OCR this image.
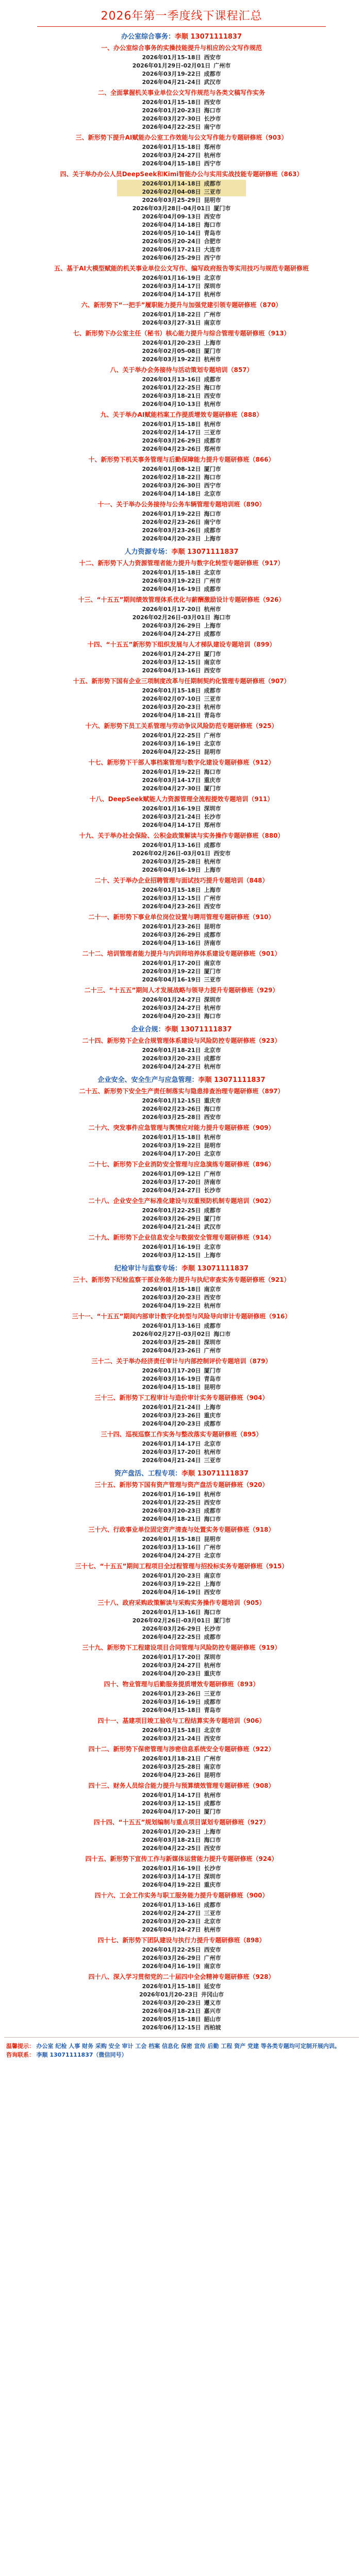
2026年第一季度线下课程汇总
办公室综合事务：李顺 13071111837
一、办公室综合事务的实操技能提升与相应的公文写作规范
2026年01月15-18日 西安市
2026年01月29日-02月01日 广州市
2026年03月19-22日 成都市
2026年04月21-24日 武汉市
二、全面掌握机关事业单位公文写作规范与各类文稿写作实务
2026年01月15-18日 西安市
2026年01月20-23日 海口市
2026年03月27-30日 长沙市
2026年04月22-25日 南宁市
三、新形势下提升AI赋能办公室工作效能与公文写作能力专题研修班（903）
2026年01月15-18日 郑州市
2026年03月24-27日 杭州市
2026年04月15-18日 西宁市
四、关于举办办公人员DeepSeek和Kimi智能办公与实用实战技能专题研修班（863）
2026年01月14-18日 成都市
2026年02月04-08日 三亚市
2026年03月25-29日 昆明市
2026年03月28日-04月01日 厦门市
2026年04月09-13日 西安市
2026年04月14-18日 海口市
2026年05月10-14日 青岛市
2026年05月20-24日 合肥市
2026年06月17-21日 大连市
2026年06月25-29日 西宁市
五、基于AI大模型赋能的机关事业单位公文写作、编写政府报告等实用技巧与规范专题研修班
2026年01月16-19日 北京市
2026年03月14-17日 深圳市
2026年04月14-17日 杭州市
六、新形势下“一把手”履职能力提升与加强党建引领专题研修班（870）
2026年01月18-22日 广州市
2026年03月27-31日 南京市
七、新形势下办公室主任（秘书）核心能力提升与综合管理专题研修班（913）
2026年01月20-23日 上海市
2026年02月05-08日 厦门市
2026年03月19-22日 杭州市
八、关于举办会务接待与活动策划专题培训（857）
2026年01月13-16日 成都市
2026年01月22-25日 海口市
2026年03月18-21日 西安市
2026年04月10-13日 杭州市
九、关于举办AI赋能档案工作提质增效专题研修班（888）
2026年01月15-18日 杭州市
2026年02月14-17日 三亚市
2026年03月26-29日 成都市
2026年04月23-26日 郑州市
十、新形势下机关事务管理与后勤保障能力提升专题研修班（866）
2026年01月08-12日 厦门市
2026年02月18-22日 海口市
2026年03月26-30日 西宁市
2026年04月14-18日 北京市
十一、关于举办公务接待与公务车辆管理专题培训班（890）
2026年01月19-22日 海口市
2026年02月23-26日 南宁市
2026年03月23-26日 成都市
2026年04月20-23日 上海市
人力资源专场：李顺 13071111837
十二、新形势下人力资源管理者能力提升与数字化转型专题研修班（917）
2026年01月15-18日 北京市
2026年03月19-22日 广州市
2026年04月16-19日 成都市
十三、“十五五”期间绩效管理体系优化与薪酬激励设计专题研修班（926）
2026年01月17-20日 杭州市
2026年02月26日-03月01日 海口市
2026年03月26-29日 上海市
2026年04月24-27日 成都市
十四、“十五五”新形势下组织发展与人才梯队建设专题培训（899）
2026年01月24-27日 厦门市
2026年03月12-15日 南京市
2026年04月13-16日 西安市
十五、新形势下国有企业三项制度改革与任期制契约化管理专题研修班（907）
2026年01月15-18日 成都市
2026年02月07-10日 三亚市
2026年03月20-23日 杭州市
2026年04月18-21日 青岛市
十六、新形势下员工关系管理与劳动争议风险防范专题研修班（925）
2026年01月22-25日 广州市
2026年03月16-19日 北京市
2026年04月22-25日 昆明市
十七、新形势下干部人事档案管理与数字化建设专题研修班（912）
2026年01月19-22日 海口市
2026年03月14-17日 重庆市
2026年04月27-30日 厦门市
十八、DeepSeek赋能人力资源管理全流程提效专题培训（911）
2026年01月16-19日 深圳市
2026年03月21-24日 长沙市
2026年04月14-17日 郑州市
十九、关于举办社会保险、公积金政策解读与实务操作专题研修班（880）
2026年01月13-16日 成都市
2026年02月26日-03月01日 西安市
2026年03月25-28日 杭州市
2026年04月16-19日 上海市
二十、关于举办企业招聘管理与面试技巧提升专题培训（848）
2026年01月15-18日 上海市
2026年03月12-15日 广州市
2026年04月23-26日 西安市
二十一、新形势下事业单位岗位设置与聘用管理专题研修班（910）
2026年01月23-26日 昆明市
2026年03月26-29日 成都市
2026年04月13-16日 济南市
二十二、培训管理者能力提升与内训师培养体系建设专题研修班（901）
2026年01月17-20日 南京市
2026年03月19-22日 厦门市
2026年04月16-19日 三亚市
二十三、“十五五”期间人才发展战略与领导力提升专题研修班（929）
2026年01月24-27日 深圳市
2026年03月24-27日 杭州市
2026年04月20-23日 海口市
企业合规：李顺 13071111837
二十四、新形势下企业合规管理体系建设与风险防控专题研修班（923）
2026年01月18-21日 北京市
2026年03月20-23日 成都市
2026年04月24-27日 杭州市
企业安全、安全生产与应急管理：李顺 13071111837
二十五、新形势下安全生产责任制落实与隐患排查治理专题研修班（897）
2026年01月12-15日 重庆市
2026年02月23-26日 海口市
2026年03月25-28日 西安市
二十六、突发事件应急管理与舆情应对能力提升专题研修班（909）
2026年01月15-18日 杭州市
2026年03月19-22日 昆明市
2026年04月17-20日 北京市
二十七、新形势下企业消防安全管理与应急演练专题研修班（896）
2026年01月09-12日 广州市
2026年03月17-20日 济南市
2026年04月24-27日 长沙市
二十八、企业安全生产标准化建设与双重预防机制专题培训（902）
2026年01月22-25日 成都市
2026年03月26-29日 厦门市
2026年04月21-24日 武汉市
二十九、新形势下企业信息安全与数据安全管理专题研修班（914）
2026年01月16-19日 北京市
2026年03月12-15日 上海市
纪检审计与监察专场：李顺 13071111837
三十、新形势下纪检监察干部业务能力提升与执纪审查实务专题研修班（921）
2026年01月15-18日 南京市
2026年03月20-23日 西安市
2026年04月19-22日 杭州市
三十一、“十五五”期间内部审计数字化转型与风险导向审计专题研修班（916）
2026年01月13-16日 成都市
2026年02月27日-03月02日 海口市
2026年03月25-28日 深圳市
2026年04月23-26日 广州市
三十二、关于举办经济责任审计与内部控制评价专题培训（879）
2026年01月17-20日 厦门市
2026年03月16-19日 青岛市
2026年04月15-18日 昆明市
三十三、新形势下工程审计与造价审计实务专题研修班（904）
2026年01月21-24日 上海市
2026年03月23-26日 重庆市
2026年04月20-23日 成都市
三十四、巡视巡察工作实务与整改落实专题研修班（895）
2026年01月14-17日 北京市
2026年03月17-20日 杭州市
2026年04月21-24日 三亚市
资产盘活、工程专项：李顺 13071111837
三十五、新形势下国有资产管理与资产盘活专题研修班（920）
2026年01月16-19日 杭州市
2026年01月22-25日 西安市
2026年03月20-23日 成都市
2026年04月18-21日 海口市
三十六、行政事业单位固定资产清查与处置实务专题研修班（918）
2026年01月15-18日 昆明市
2026年03月13-16日 广州市
2026年04月24-27日 北京市
三十七、“十五五”期间工程项目全过程管理与招投标实务专题研修班（915）
2026年01月20-23日 南京市
2026年03月19-22日 上海市
2026年04月16-19日 西安市
三十八、政府采购政策解读与采购实务操作专题培训（905）
2026年01月13-16日 海口市
2026年02月26日-03月01日 厦门市
2026年03月26-29日 长沙市
2026年04月22-25日 成都市
三十九、新形势下工程建设项目合同管理与风险防控专题研修班（919）
2026年01月17-20日 深圳市
2026年03月24-27日 杭州市
2026年04月20-23日 重庆市
四十、物业管理与后勤服务提质增效专题研修班（893）
2026年01月23-26日 三亚市
2026年03月16-19日 成都市
2026年04月15-18日 青岛市
四十一、基建项目竣工验收与工程结算实务专题培训（906）
2026年01月15-18日 北京市
2026年03月21-24日 西安市
四十二、新形势下保密管理与涉密信息系统安全专题研修班（922）
2026年01月18-21日 广州市
2026年03月25-28日 南京市
2026年04月23-26日 昆明市
四十三、财务人员综合能力提升与预算绩效管理专题研修班（908）
2026年01月14-17日 杭州市
2026年03月12-15日 成都市
2026年04月17-20日 厦门市
四十四、“十五五”规划编制与重点项目谋划专题研修班（927）
2026年01月20-23日 上海市
2026年03月18-21日 海口市
2026年04月22-25日 西安市
四十五、新形势下宣传工作与新媒体运营能力提升专题研修班（924）
2026年01月16-19日 长沙市
2026年03月14-17日 深圳市
2026年04月19-22日 重庆市
四十六、工会工作实务与职工服务能力提升专题研修班（900）
2026年01月13-16日 成都市
2026年02月24-27日 三亚市
2026年03月20-23日 北京市
2026年04月24-27日 杭州市
四十七、新形势下团队建设与执行力提升专题研修班（898）
2026年01月22-25日 西安市
2026年03月26-29日 广州市
2026年04月16-19日 南京市
四十八、深入学习贯彻党的二十届四中全会精神专题研修班（928）
2026年01月15-18日 延安市
2026年01月20-23日 井冈山市
2026年03月20-23日 遵义市
2026年04月18-21日 嘉兴市
2026年05月15-18日 韶山市
2026年06月12-15日 西柏坡
温馨提示： 办公室 纪检 人事 财务 采购 安全 审计 工会 档案 信息化 保密 宣传 后勤 工程 资产 党建 等各类专题均可定制开展内训。
咨询联系： 李顺 13071111837（微信同号）
